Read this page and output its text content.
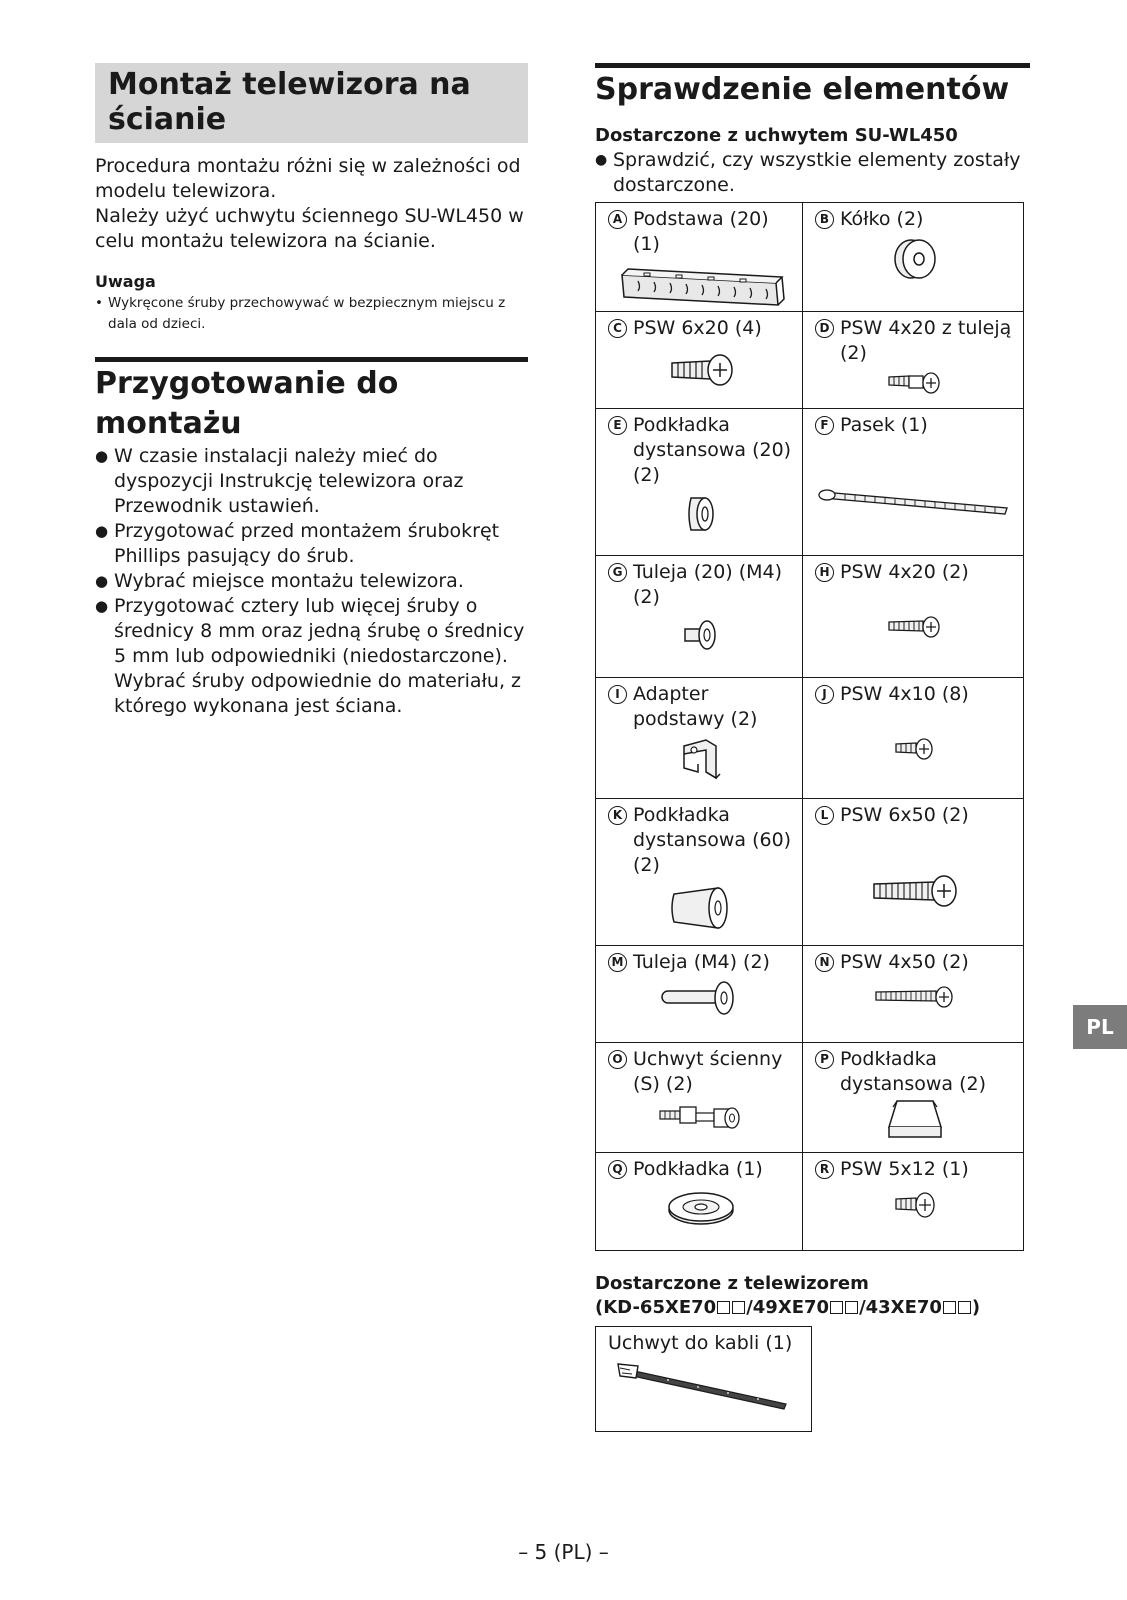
Montaż telewizora na ścianie

Procedura montażu różni się w zależności od modelu telewizora.

Należy użyć uchwytu ściennego SU-WL450 w celu montażu telewizora na ścianie.

Uwaga
• Wykręcone śruby przechowywać w bezpiecznym miejscu z dala od dzieci.
Przygotowanie do montażu
● W czasie instalacji należy mieć do dyspozycji Instrukcję telewizora oraz Przewodnik ustawień.
● Przygotować przed montażem śrubokręt Phillips pasujący do śrub.
● Wybrać miejsce montażu telewizora.
● Przygotować cztery lub więcej śruby o średnicy 8 mm oraz jedną śrubę o średnicy 5 mm lub odpowiedniki (niedostarczone). Wybrać śruby odpowiednie do materiału, z którego wykonana jest ściana.
Sprawdzenie elementów
Dostarczone z uchwytem SU-WL450
● Sprawdzić, czy wszystkie elementy zostały dostarczone.
A Podstawa (20) (1)	B Kółko (2)

C PSW 6x20 (4)	D PSW 4x20 z tuleją (2)

E Podkładka dystansowa (20) (2)	F Pasek (1)

G Tuleja (20) (M4) (2)	H PSW 4x20 (2)

I Adapter podstawy (2)	J PSW 4x10 (8)

K Podkładka dystansowa (60) (2)	L PSW 6x50 (2)

M Tuleja (M4) (2)	N PSW 4x50 (2)

O Uchwyt ścienny (S) (2)	P Podkładka dystansowa (2)

Q Podkładka (1)	R PSW 5x12 (1)
Dostarczone z telewizorem
(KD-65XE70 /49XE70 /43XE70 )
Uchwyt do kabli (1)
PL
– 5 (PL) –
